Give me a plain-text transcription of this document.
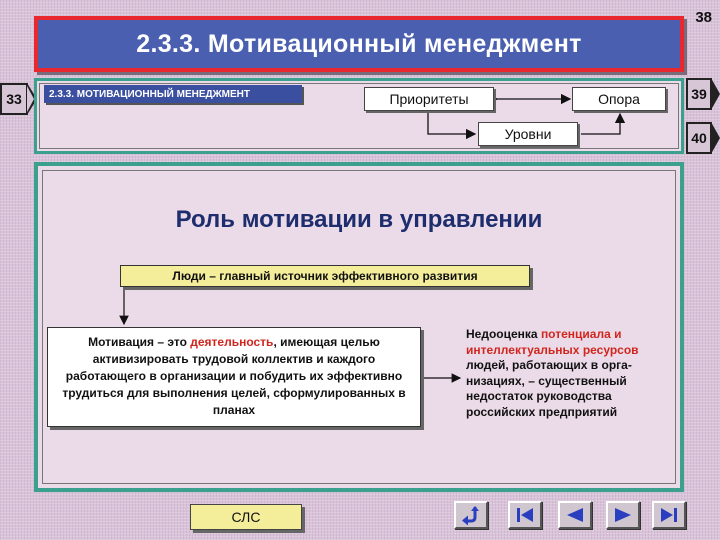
2.3.3. Мотивационный менеджмент
38
33	39
40
2.3.3. МОТИВАЦИОННЫЙ МЕНЕДЖМЕНТ	Приоритеты	Опора
Уровни
Роль мотивации в управлении
Люди – главный источник эффективного развития
Мотивация – это деятельность, имеющая целью активизировать трудовой коллектив и каждого работающего в организации и побудить их эффективно трудиться для выполнения целей, сформулированных в планах
Недооценка потенциала и интеллектуальных ресурсов людей, работающих в орга-низациях, – существенный недостаток руководства российских предприятий
СЛС
